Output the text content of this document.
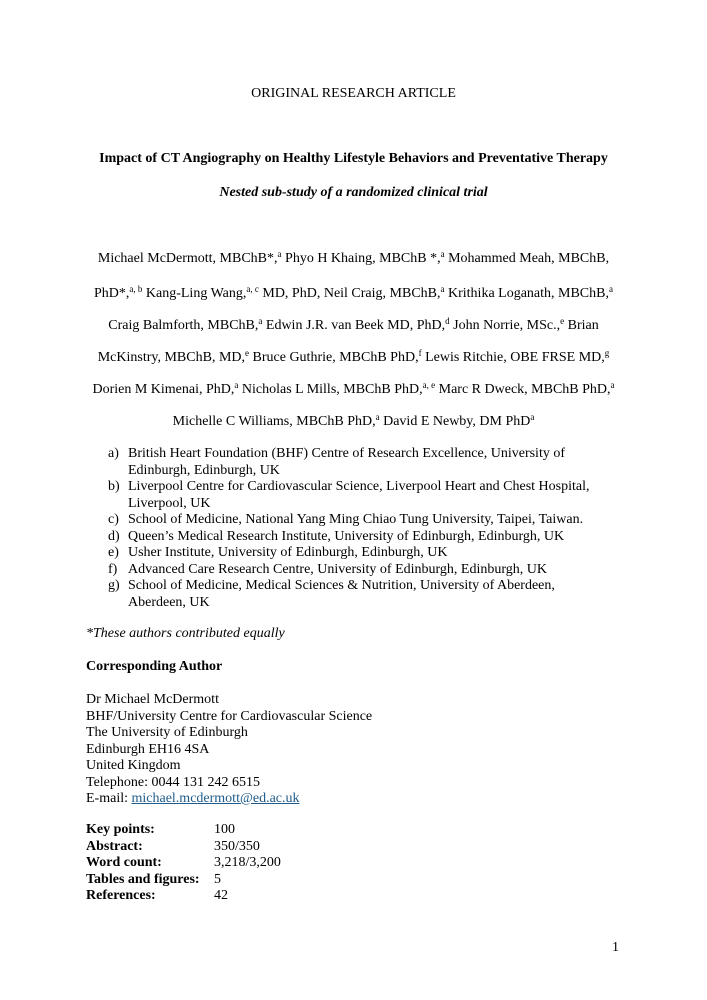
ORIGINAL RESEARCH ARTICLE
Impact of CT Angiography on Healthy Lifestyle Behaviors and Preventative Therapy
Nested sub-study of a randomized clinical trial
Michael McDermott, MBChB*,$^a$ Phyo H Khaing, MBChB *,$^a$ Mohammed Meah, MBChB,
PhD*,$^{a, b}$ Kang-Ling Wang,$^{a, c}$ MD, PhD, Neil Craig, MBChB,$^a$ Krithika Loganath, MBChB,$^a$
Craig Balmforth, MBChB,$^a$ Edwin J.R. van Beek MD, PhD,$^d$ John Norrie, MSc.,$^e$ Brian
McKinstry, MBChB, MD,$^e$ Bruce Guthrie, MBChB PhD,$^f$ Lewis Ritchie, OBE FRSE MD,$^g$
Dorien M Kimenai, PhD,$^a$ Nicholas L Mills, MBChB PhD,$^{a, e}$ Marc R Dweck, MBChB PhD,$^a$
Michelle C Williams, MBChB PhD,$^a$ David E Newby, DM PhD$^a$
a) British Heart Foundation (BHF) Centre of Research Excellence, University of
Edinburgh, Edinburgh, UK
b) Liverpool Centre for Cardiovascular Science, Liverpool Heart and Chest Hospital,
Liverpool, UK
c) School of Medicine, National Yang Ming Chiao Tung University, Taipei, Taiwan.
d) Queen’s Medical Research Institute, University of Edinburgh, Edinburgh, UK
e) Usher Institute, University of Edinburgh, Edinburgh, UK
f) Advanced Care Research Centre, University of Edinburgh, Edinburgh, UK
g) School of Medicine, Medical Sciences & Nutrition, University of Aberdeen,
Aberdeen, UK
*These authors contributed equally
Corresponding Author
Dr Michael McDermott
BHF/University Centre for Cardiovascular Science
The University of Edinburgh
Edinburgh EH16 4SA
United Kingdom
Telephone: 0044 131 242 6515
E-mail: michael.mcdermott@ed.ac.uk
Key points:	100
Abstract:	350/350
Word count:	3,218/3,200
Tables and figures:	5
References:	42
1
